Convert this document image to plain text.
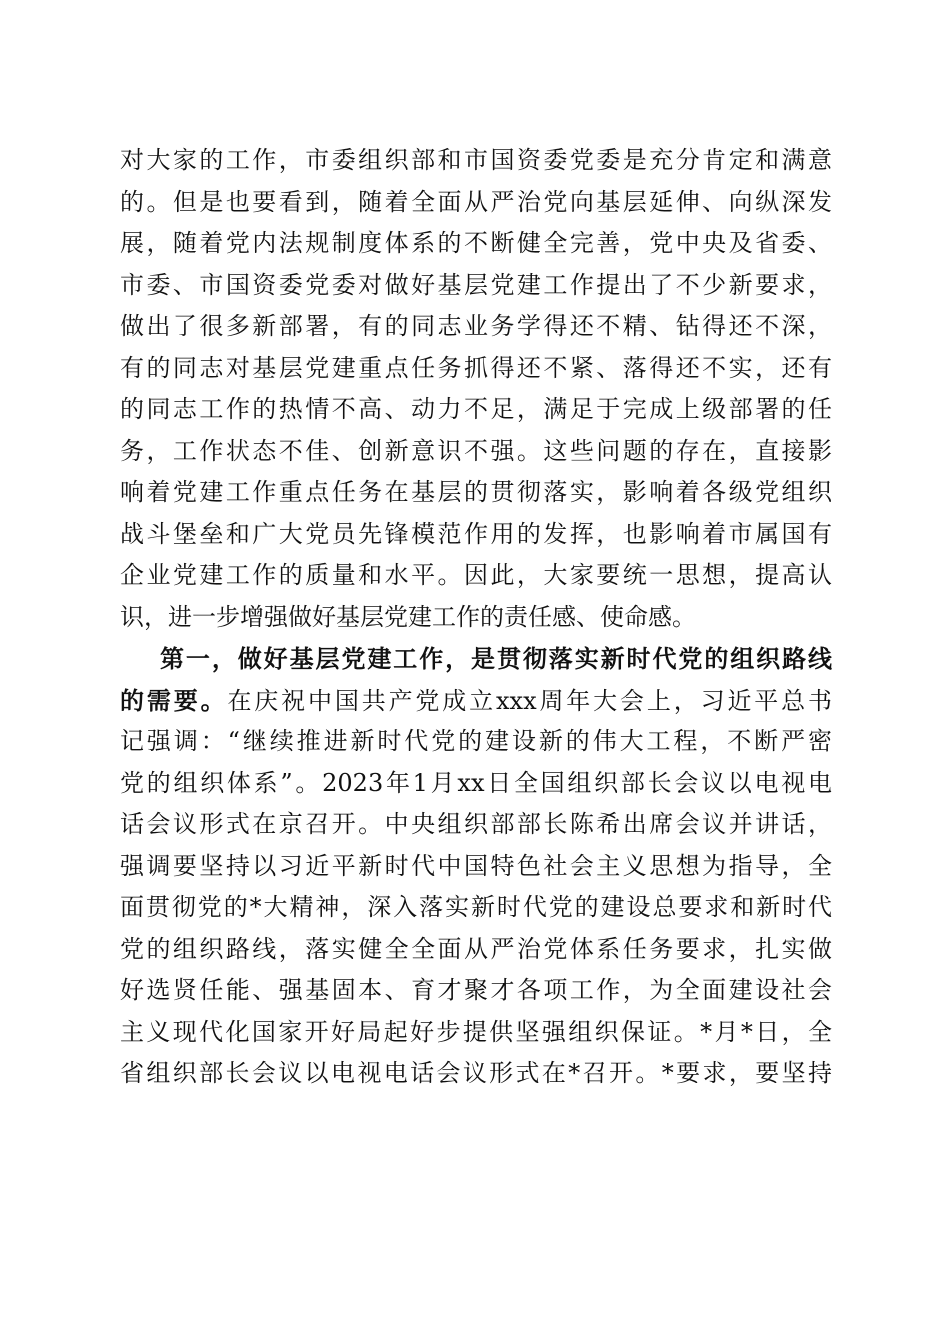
对大家的工作，市委组织部和市国资委党委是充分肯定和满意
的。但是也要看到，随着全面从严治党向基层延伸、向纵深发
展，随着党内法规制度体系的不断健全完善，党中央及省委、
市委、市国资委党委对做好基层党建工作提出了不少新要求，
做出了很多新部署，有的同志业务学得还不精、钻得还不深，
有的同志对基层党建重点任务抓得还不紧、落得还不实，还有
的同志工作的热情不高、动力不足，满足于完成上级部署的任
务，工作状态不佳、创新意识不强。这些问题的存在，直接影
响着党建工作重点任务在基层的贯彻落实，影响着各级党组织
战斗堡垒和广大党员先锋模范作用的发挥，也影响着市属国有
企业党建工作的质量和水平。因此，大家要统一思想，提高认
识，进一步增强做好基层党建工作的责任感、使命感。
第一，做好基层党建工作，是贯彻落实新时代党的组织路线
的需要。在庆祝中国共产党成立xxx周年大会上，习近平总书
记强调：“继续推进新时代党的建设新的伟大工程，不断严密
党的组织体系”。2023年1月xx日全国组织部长会议以电视电
话会议形式在京召开。中央组织部部长陈希出席会议并讲话，
强调要坚持以习近平新时代中国特色社会主义思想为指导，全
面贯彻党的*大精神，深入落实新时代党的建设总要求和新时代
党的组织路线，落实健全全面从严治党体系任务要求，扎实做
好选贤任能、强基固本、育才聚才各项工作，为全面建设社会
主义现代化国家开好局起好步提供坚强组织保证。*月*日，全
省组织部长会议以电视电话会议形式在*召开。*要求，要坚持
